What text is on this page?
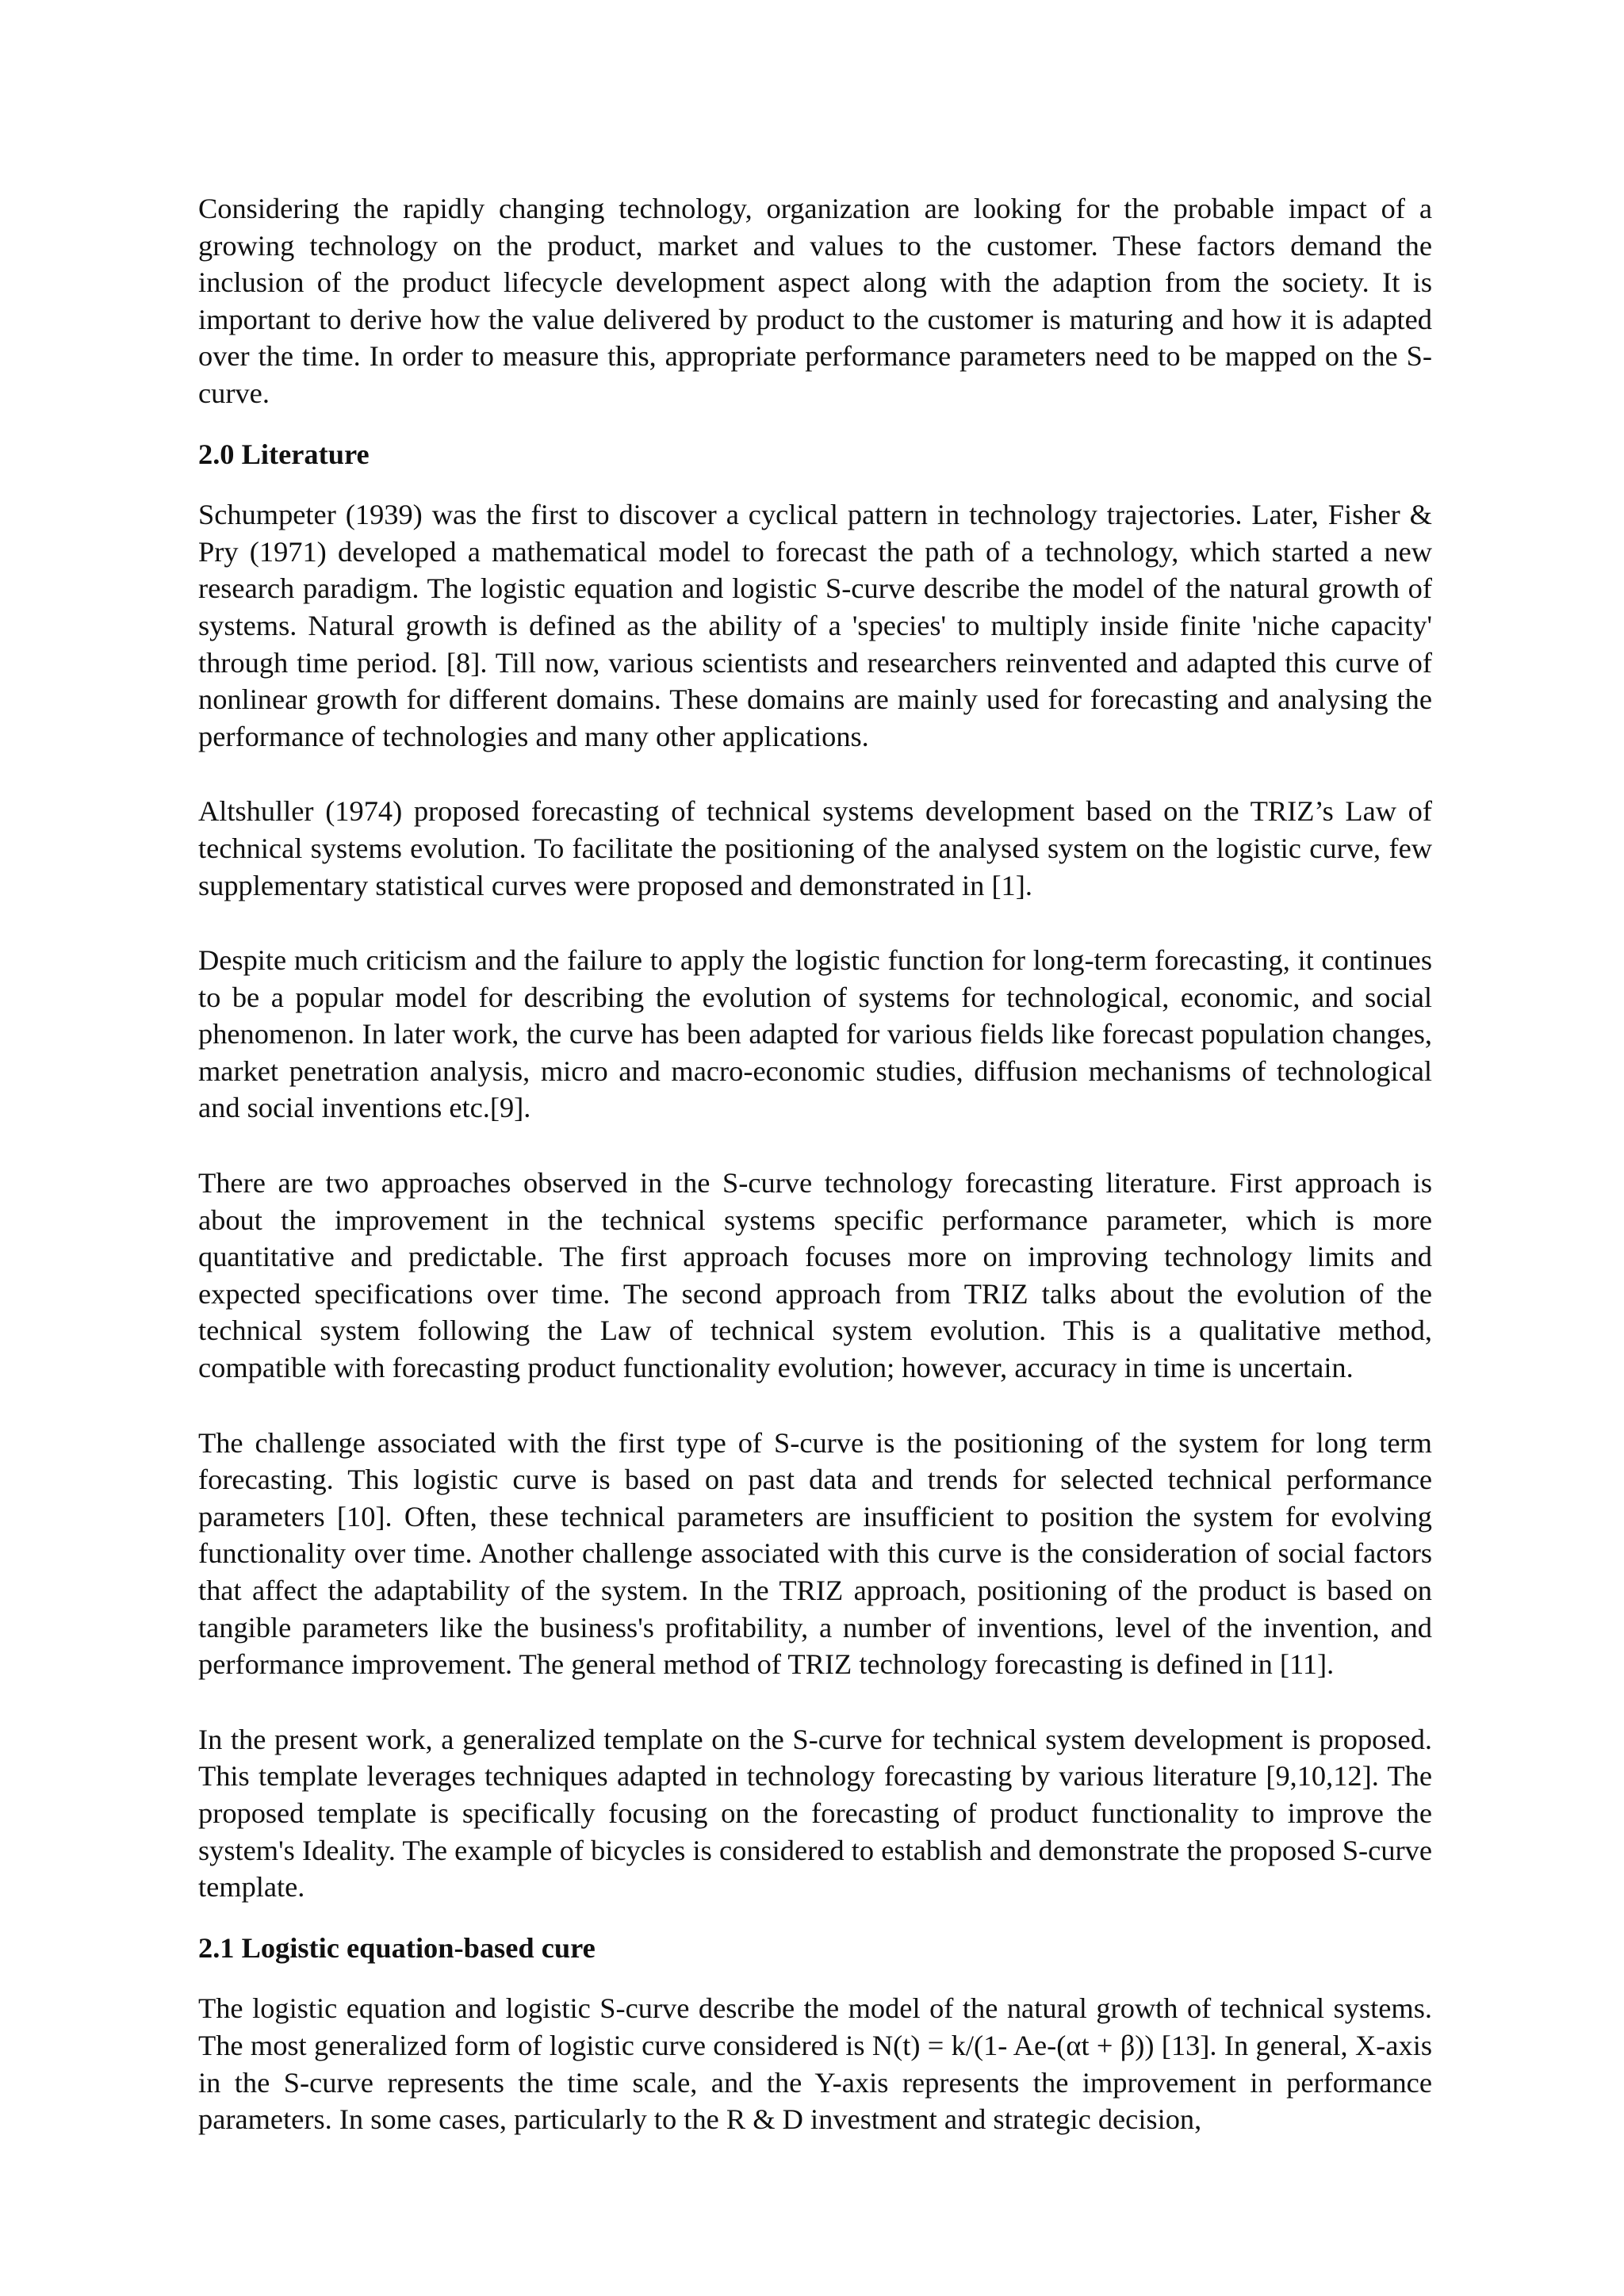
Considering the rapidly changing technology, organization are looking for the probable impact of a growing technology on the product, market and values to the customer. These factors demand the inclusion of the product lifecycle development aspect along with the adaption from the society. It is important to derive how the value delivered by product to the customer is maturing and how it is adapted over the time. In order to measure this, appropriate performance parameters need to be mapped on the S-curve.

2.0 Literature

Schumpeter (1939) was the first to discover a cyclical pattern in technology trajectories. Later, Fisher & Pry (1971) developed a mathematical model to forecast the path of a technology, which started a new research paradigm. The logistic equation and logistic S-curve describe the model of the natural growth of systems. Natural growth is defined as the ability of a 'species' to multiply inside finite 'niche capacity' through time period. [8]. Till now, various scientists and researchers reinvented and adapted this curve of nonlinear growth for different domains. These domains are mainly used for forecasting and analysing the performance of technologies and many other applications.

Altshuller (1974) proposed forecasting of technical systems development based on the TRIZ’s Law of technical systems evolution. To facilitate the positioning of the analysed system on the logistic curve, few supplementary statistical curves were proposed and demonstrated in [1].

Despite much criticism and the failure to apply the logistic function for long-term forecasting, it continues to be a popular model for describing the evolution of systems for technological, economic, and social phenomenon. In later work, the curve has been adapted for various fields like forecast population changes, market penetration analysis, micro and macro-economic studies, diffusion mechanisms of technological and social inventions etc.[9].

There are two approaches observed in the S-curve technology forecasting literature. First approach is about the improvement in the technical systems specific performance parameter, which is more quantitative and predictable. The first approach focuses more on improving technology limits and expected specifications over time. The second approach from TRIZ talks about the evolution of the technical system following the Law of technical system evolution. This is a qualitative method, compatible with forecasting product functionality evolution; however, accuracy in time is uncertain.

The challenge associated with the first type of S-curve is the positioning of the system for long term forecasting. This logistic curve is based on past data and trends for selected technical performance parameters [10]. Often, these technical parameters are insufficient to position the system for evolving functionality over time. Another challenge associated with this curve is the consideration of social factors that affect the adaptability of the system. In the TRIZ approach, positioning of the product is based on tangible parameters like the business's profitability, a number of inventions, level of the invention, and performance improvement. The general method of TRIZ technology forecasting is defined in [11].

In the present work, a generalized template on the S-curve for technical system development is proposed. This template leverages techniques adapted in technology forecasting by various literature [9,10,12]. The proposed template is specifically focusing on the forecasting of product functionality to improve the system's Ideality. The example of bicycles is considered to establish and demonstrate the proposed S-curve template.

2.1 Logistic equation-based cure

The logistic equation and logistic S-curve describe the model of the natural growth of technical systems. The most generalized form of logistic curve considered is N(t) = k/(1- Ae-(αt + β)) [13]. In general, X-axis in the S-curve represents the time scale, and the Y-axis represents the improvement in performance parameters. In some cases, particularly to the R & D investment and strategic decision,
